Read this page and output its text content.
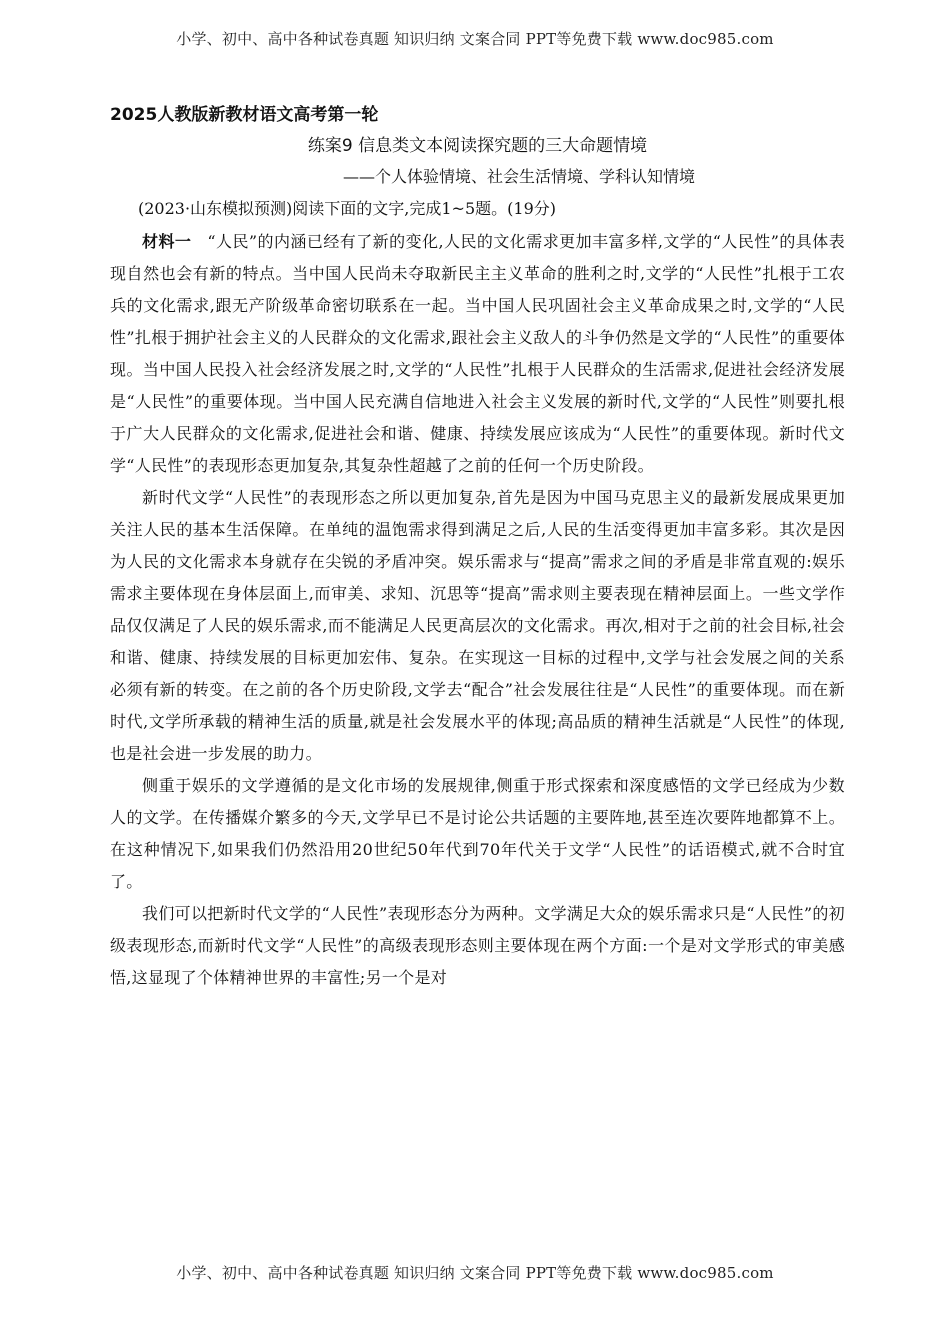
小学、初中、高中各种试卷真题 知识归纳 文案合同 PPT等免费下载 www.doc985.com
2025人教版新教材语文高考第一轮
练案9 信息类文本阅读探究题的三大命题情境
——个人体验情境、社会生活情境、学科认知情境
(2023·山东模拟预测)阅读下面的文字,完成1~5题。(19分)

材料一 “人民”的内涵已经有了新的变化,人民的文化需求更加丰富多样,文学的“人民性”的具体表现自然也会有新的特点。当中国人民尚未夺取新民主主义革命的胜利之时,文学的“人民性”扎根于工农兵的文化需求,跟无产阶级革命密切联系在一起。当中国人民巩固社会主义革命成果之时,文学的“人民性”扎根于拥护社会主义的人民群众的文化需求,跟社会主义敌人的斗争仍然是文学的“人民性”的重要体现。当中国人民投入社会经济发展之时,文学的“人民性”扎根于人民群众的生活需求,促进社会经济发展是“人民性”的重要体现。当中国人民充满自信地进入社会主义发展的新时代,文学的“人民性”则要扎根于广大人民群众的文化需求,促进社会和谐、健康、持续发展应该成为“人民性”的重要体现。新时代文学“人民性”的表现形态更加复杂,其复杂性超越了之前的任何一个历史阶段。

新时代文学“人民性”的表现形态之所以更加复杂,首先是因为中国马克思主义的最新发展成果更加关注人民的基本生活保障。在单纯的温饱需求得到满足之后,人民的生活变得更加丰富多彩。其次是因为人民的文化需求本身就存在尖锐的矛盾冲突。娱乐需求与“提高”需求之间的矛盾是非常直观的:娱乐需求主要体现在身体层面上,而审美、求知、沉思等“提高”需求则主要表现在精神层面上。一些文学作品仅仅满足了人民的娱乐需求,而不能满足人民更高层次的文化需求。再次,相对于之前的社会目标,社会和谐、健康、持续发展的目标更加宏伟、复杂。在实现这一目标的过程中,文学与社会发展之间的关系必须有新的转变。在之前的各个历史阶段,文学去“配合”社会发展往往是“人民性”的重要体现。而在新时代,文学所承载的精神生活的质量,就是社会发展水平的体现;高品质的精神生活就是“人民性”的体现,也是社会进一步发展的助力。

侧重于娱乐的文学遵循的是文化市场的发展规律,侧重于形式探索和深度感悟的文学已经成为少数人的文学。在传播媒介繁多的今天,文学早已不是讨论公共话题的主要阵地,甚至连次要阵地都算不上。在这种情况下,如果我们仍然沿用20世纪50年代到70年代关于文学“人民性”的话语模式,就不合时宜了。

我们可以把新时代文学的“人民性”表现形态分为两种。文学满足大众的娱乐需求只是“人民性”的初级表现形态,而新时代文学“人民性”的高级表现形态则主要体现在两个方面:一个是对文学形式的审美感悟,这显现了个体精神世界的丰富性;另一个是对

小学、初中、高中各种试卷真题 知识归纳 文案合同 PPT等免费下载 www.doc985.com
